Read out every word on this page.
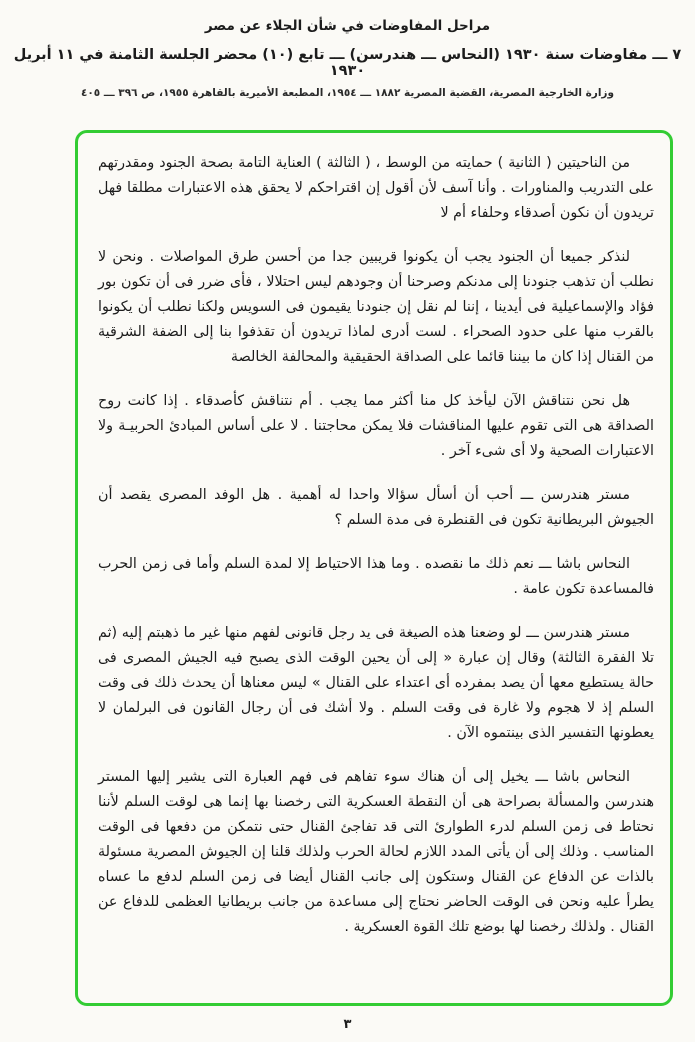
مراحل المفاوضات في شأن الجلاء عن مصر
٧ ـــ مفاوضات سنة ١٩٣٠ (النحاس ـــ هندرسن) ـــ تابع (١٠) محضر الجلسة الثامنة في ١١ أبريل ١٩٣٠
وزارة الخارجية المصرية، القضية المصرية ١٨٨٢ ـــ ١٩٥٤، المطبعة الأميرية بالقاهرة ١٩٥٥، ص ٣٩٦ ـــ ٤٠٥

من الناحيتين ( الثانية ) حمايته من الوسط ، ( الثالثة ) العناية التامة بصحة الجنود ومقدرتهم على التدريب والمناورات . وأنا آسف لأن أقول إن اقتراحكم لا يحقق هذه الاعتبارات مطلقا فهل تريدون أن نكون أصدقاء وحلفاء أم لا

لنذكر جميعا أن الجنود يجب أن يكونوا قريبين جدا من أحسن طرق المواصلات . ونحن لا نطلب أن تذهب جنودنا إلى مدنكم وصرحنا أن وجودهم ليس احتلالا ، فأى ضرر فى أن تكون بور فؤاد والإسماعيلية فى أيدينا ، إننا لم نقل إن جنودنا يقيمون فى السويس ولكنا نطلب أن يكونوا بالقرب منها على حدود الصحراء . لست أدرى لماذا تريدون أن تقذفوا بنا إلى الضفة الشرقية من القنال إذا كان ما بيننا قائما على الصداقة الحقيقية والمحالفة الخالصة

هل نحن نتناقش الآن ليأخذ كل منا أكثر مما يجب . أم نتناقش كأصدقاء . إذا كانت روح الصداقة هى التى تقوم عليها المناقشات فلا يمكن محاجتنا . لا على أساس المبادئ الحربيـة ولا الاعتبارات الصحية ولا أى شىء آخر .

مستر هندرسن ـــ أحب أن أسأل سؤالا واحدا له أهمية . هل الوفد المصرى يقصد أن الجيوش البريطانية تكون فى القنطرة فى مدة السلم ؟

النحاس باشا ـــ نعم ذلك ما نقصده . وما هذا الاحتياط إلا لمدة السلم وأما فى زمن الحرب فالمساعدة تكون عامة .

مستر هندرسن ـــ لو وضعنا هذه الصيغة فى يد رجل قانونى لفهم منها غير ما ذهبتم إليه (ثم تلا الفقرة الثالثة) وقال إن عبارة « إلى أن يحين الوقت الذى يصبح فيه الجيش المصرى فى حالة يستطيع معها أن يصد بمفرده أى اعتداء على القنال » ليس معناها أن يحدث ذلك فى وقت السلم إذ لا هجوم ولا غارة فى وقت السلم . ولا أشك فى أن رجال القانون فى البرلمان لا يعطونها التفسير الذى بينتموه الآن .

النحاس باشا ـــ يخيل إلى أن هناك سوء تفاهم فى فهم العبارة التى يشير إليها المستر هندرسن والمسألة بصراحة هى أن النقطة العسكرية التى رخصنا بها إنما هى لوقت السلم لأننا نحتاط فى زمن السلم لدرء الطوارئ التى قد تفاجئ القنال حتى نتمكن من دفعها فى الوقت المناسب . وذلك إلى أن يأتى المدد اللازم لحالة الحرب ولذلك قلنا إن الجيوش المصرية مسئولة بالذات عن الدفاع عن القنال وستكون إلى جانب القنال أيضا فى زمن السلم لدفع ما عساه يطرأ عليه ونحن فى الوقت الحاضر نحتاج إلى مساعدة من جانب بريطانيا العظمى للدفاع عن القنال . ولذلك رخصنا لها بوضع تلك القوة العسكرية .

٣
